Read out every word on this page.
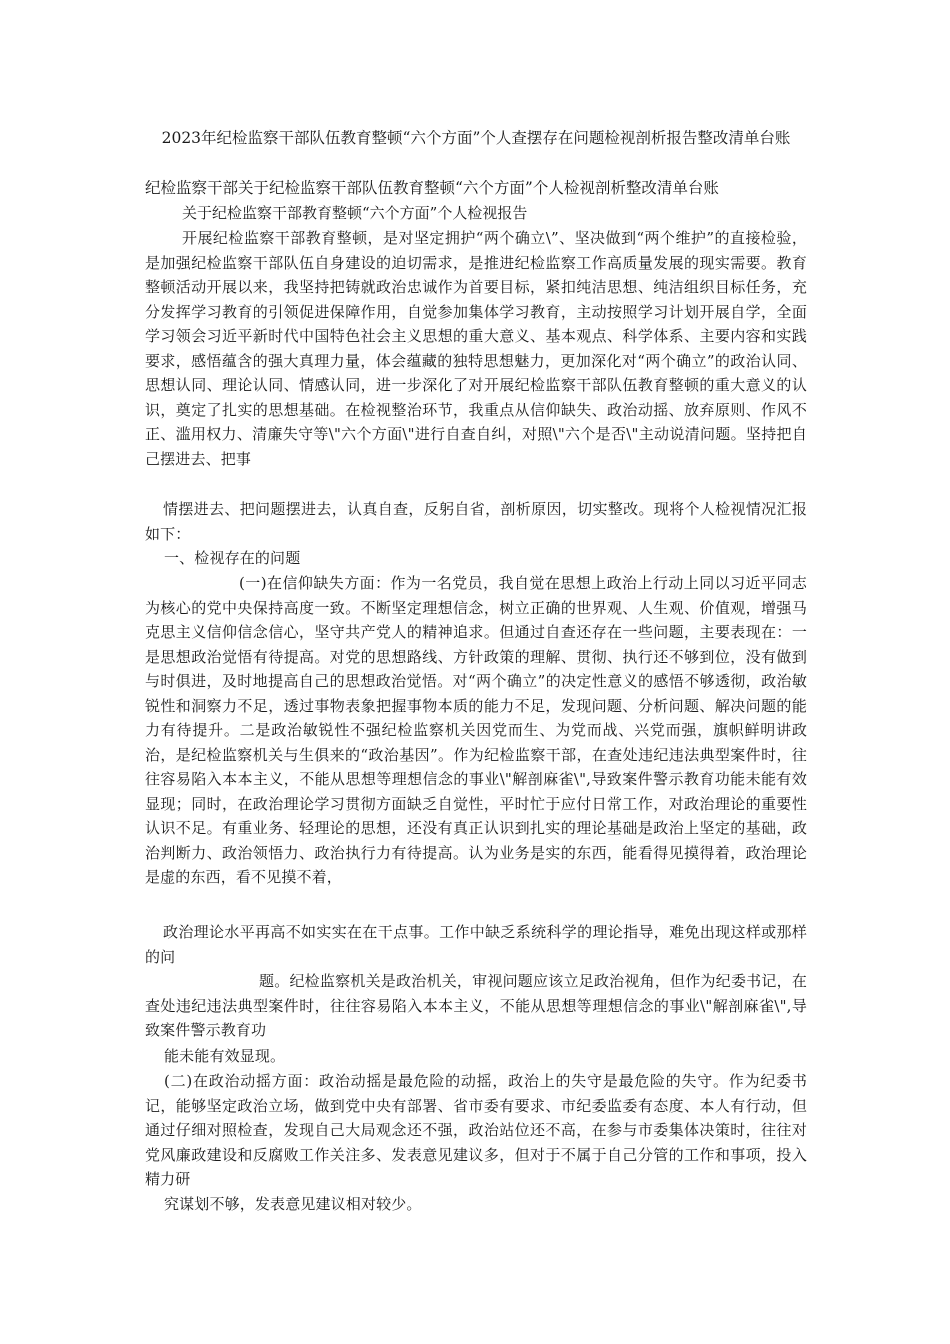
2023年纪检监察干部队伍教育整顿“六个方面”个人查摆存在问题检视剖析报告整改清单台账

纪检监察干部关于纪检监察干部队伍教育整顿“六个方面”个人检视剖析整改清单台账

关于纪检监察干部教育整顿“六个方面”个人检视报告

开展纪检监察干部教育整顿，是对坚定拥护“两个确立\”、坚决做到“两个维护”的直接检验，是加强纪检监察干部队伍自身建设的迫切需求，是推进纪检监察工作高质量发展的现实需要。教育整顿活动开展以来，我坚持把铸就政治忠诚作为首要目标，紧扣纯洁思想、纯洁组织目标任务，充分发挥学习教育的引领促进保障作用，自觉参加集体学习教育，主动按照学习计划开展自学，全面学习领会习近平新时代中国特色社会主义思想的重大意义、基本观点、科学体系、主要内容和实践要求，感悟蕴含的强大真理力量，体会蕴藏的独特思想魅力，更加深化对“两个确立”的政治认同、思想认同、理论认同、情感认同，进一步深化了对开展纪检监察干部队伍教育整顿的重大意义的认识，奠定了扎实的思想基础。在检视整治环节，我重点从信仰缺失、政治动摇、放弃原则、作风不正、滥用权力、清廉失守等\"六个方面\"进行自查自纠，对照\"六个是否\"主动说清问题。坚持把自己摆进去、把事

情摆进去、把问题摆进去，认真自查，反躬自省，剖析原因，切实整改。现将个人检视情况汇报如下：

一、检视存在的问题

(一)在信仰缺失方面：作为一名党员，我自觉在思想上政治上行动上同以习近平同志为核心的党中央保持高度一致。不断坚定理想信念，树立正确的世界观、人生观、价值观，增强马克思主义信仰信念信心，坚守共产党人的精神追求。但通过自查还存在一些问题，主要表现在：一是思想政治觉悟有待提高。对党的思想路线、方针政策的理解、贯彻、执行还不够到位，没有做到与时俱进，及时地提高自己的思想政治觉悟。对“两个确立”的决定性意义的感悟不够透彻，政治敏锐性和洞察力不足，透过事物表象把握事物本质的能力不足，发现问题、分析问题、解决问题的能力有待提升。二是政治敏锐性不强纪检监察机关因党而生、为党而战、兴党而强，旗帜鲜明讲政治，是纪检监察机关与生俱来的“政治基因”。作为纪检监察干部，在查处违纪违法典型案件时，往往容易陷入本本主义，不能从思想等理想信念的事业\"解剖麻雀\",导致案件警示教育功能未能有效显现；同时，在政治理论学习贯彻方面缺乏自觉性，平时忙于应付日常工作，对政治理论的重要性认识不足。有重业务、轻理论的思想，还没有真正认识到扎实的理论基础是政治上坚定的基础，政治判断力、政治领悟力、政治执行力有待提高。认为业务是实的东西，能看得见摸得着，政治理论是虚的东西，看不见摸不着，

政治理论水平再高不如实实在在干点事。工作中缺乏系统科学的理论指导，难免出现这样或那样的问

题。纪检监察机关是政治机关，审视问题应该立足政治视角，但作为纪委书记，在查处违纪违法典型案件时，往往容易陷入本本主义，不能从思想等理想信念的事业\"解剖麻雀\",导致案件警示教育功

能未能有效显现。

(二)在政治动摇方面：政治动摇是最危险的动摇，政治上的失守是最危险的失守。作为纪委书记，能够坚定政治立场，做到党中央有部署、省市委有要求、市纪委监委有态度、本人有行动，但通过仔细对照检查，发现自己大局观念还不强，政治站位还不高，在参与市委集体决策时，往往对党风廉政建设和反腐败工作关注多、发表意见建议多，但对于不属于自己分管的工作和事项，投入精力研

究谋划不够，发表意见建议相对较少。
